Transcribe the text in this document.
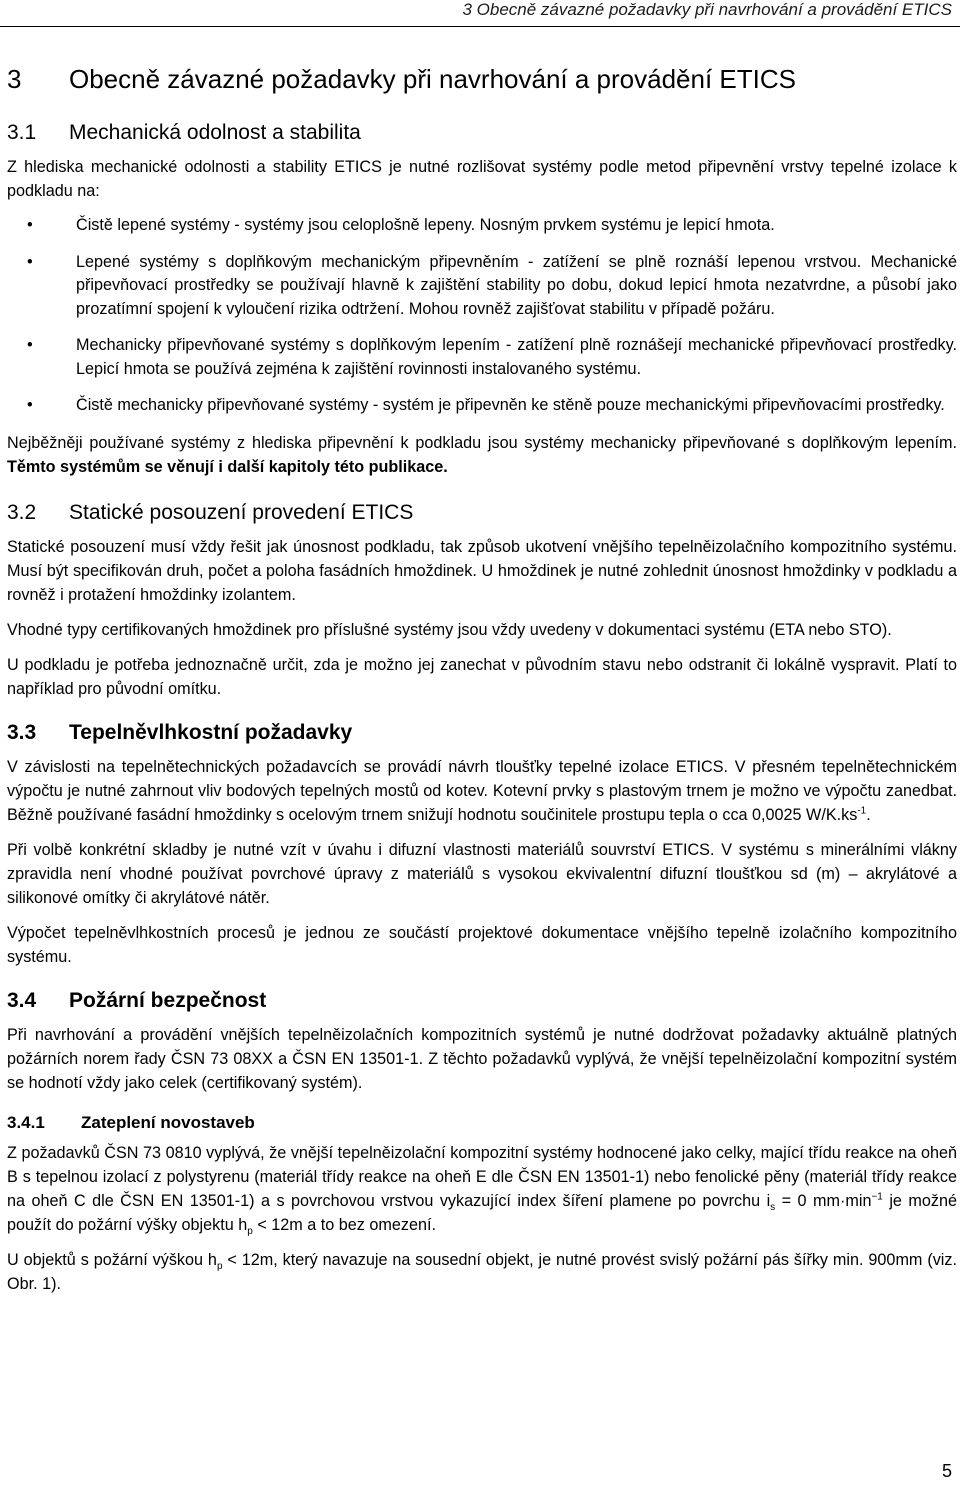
3 Obecně závazné požadavky při navrhování a provádění ETICS
3 Obecně závazné požadavky při navrhování a provádění ETICS
3.1 Mechanická odolnost a stabilita

Z hlediska mechanické odolnosti a stability ETICS je nutné rozlišovat systémy podle metod připevnění vrstvy tepelné izolace k podkladu na:

•	Čistě lepené systémy - systémy jsou celoplošně lepeny. Nosným prvkem systému je lepicí hmota.
•	Lepené systémy s doplňkovým mechanickým připevněním - zatížení se plně roznáší lepenou vrstvou. Mechanické připevňovací prostředky se používají hlavně k zajištění stability po dobu, dokud lepicí hmota nezatvrdne, a působí jako prozatímní spojení k vyloučení rizika odtržení. Mohou rovněž zajišťovat stabilitu v případě požáru.
•	Mechanicky připevňované systémy s doplňkovým lepením - zatížení plně roznášejí mechanické připevňovací prostředky. Lepicí hmota se používá zejména k zajištění rovinnosti instalovaného systému.
•	Čistě mechanicky připevňované systémy - systém je připevněn ke stěně pouze mechanickými připevňovacími prostředky.

Nejběžněji používané systémy z hlediska připevnění k podkladu jsou systémy mechanicky připevňované s doplňkovým lepením. Těmto systémům se věnují i další kapitoly této publikace.

3.2 Statické posouzení provedení ETICS

Statické posouzení musí vždy řešit jak únosnost podkladu, tak způsob ukotvení vnějšího tepelněizolačního kompozitního systému. Musí být specifikován druh, počet a poloha fasádních hmoždinek. U hmoždinek je nutné zohlednit únosnost hmoždinky v podkladu a rovněž i protažení hmoždinky izolantem.

Vhodné typy certifikovaných hmoždinek pro příslušné systémy jsou vždy uvedeny v dokumentaci systému (ETA nebo STO).

U podkladu je potřeba jednoznačně určit, zda je možno jej zanechat v původním stavu nebo odstranit či lokálně vyspravit. Platí to například pro původní omítku.

3.3 Tepelněvlhkostní požadavky

V závislosti na tepelnětechnických požadavcích se provádí návrh tloušťky tepelné izolace ETICS. V přesném tepelnětechnickém výpočtu je nutné zahrnout vliv bodových tepelných mostů od kotev. Kotevní prvky s plastovým trnem je možno ve výpočtu zanedbat. Běžně používané fasádní hmoždinky s ocelovým trnem snižují hodnotu součinitele prostupu tepla o cca 0,0025 $W/K.ks^{-1}$.

Při volbě konkrétní skladby je nutné vzít v úvahu i difuzní vlastnosti materiálů souvrství ETICS. V systému s minerálními vlákny zpravidla není vhodné používat povrchové úpravy z materiálů s vysokou ekvivalentní difuzní tloušťkou sd (m) – akrylátové a silikonové omítky či akrylátové nátěr.

Výpočet tepelněvlhkostních procesů je jednou ze součástí projektové dokumentace vnějšího tepelně izolačního kompozitního systému.

3.4 Požární bezpečnost

Při navrhování a provádění vnějších tepelněizolačních kompozitních systémů je nutné dodržovat požadavky aktuálně platných požárních norem řady ČSN 73 08XX a ČSN EN 13501-1. Z těchto požadavků vyplývá, že vnější tepelněizolační kompozitní systém se hodnotí vždy jako celek (certifikovaný systém).

3.4.1 Zateplení novostaveb

Z požadavků ČSN 73 0810 vyplývá, že vnější tepelněizolační kompozitní systémy hodnocené jako celky, mající třídu reakce na oheň B s tepelnou izolací z polystyrenu (materiál třídy reakce na oheň E dle ČSN EN 13501-1) nebo fenolické pěny (materiál třídy reakce na oheň C dle ČSN EN 13501-1) a s povrchovou vrstvou vykazující index šíření plamene po povrchu $i_s = 0$ $mm\cdot\min^{-1}$ je možné použít do požární výšky objektu $h_p < 12m$ a to bez omezení.

U objektů s požární výškou $h_p < 12m$, který navazuje na sousední objekt, je nutné provést svislý požární pás šířky min. 900mm (viz. Obr. 1).

5
